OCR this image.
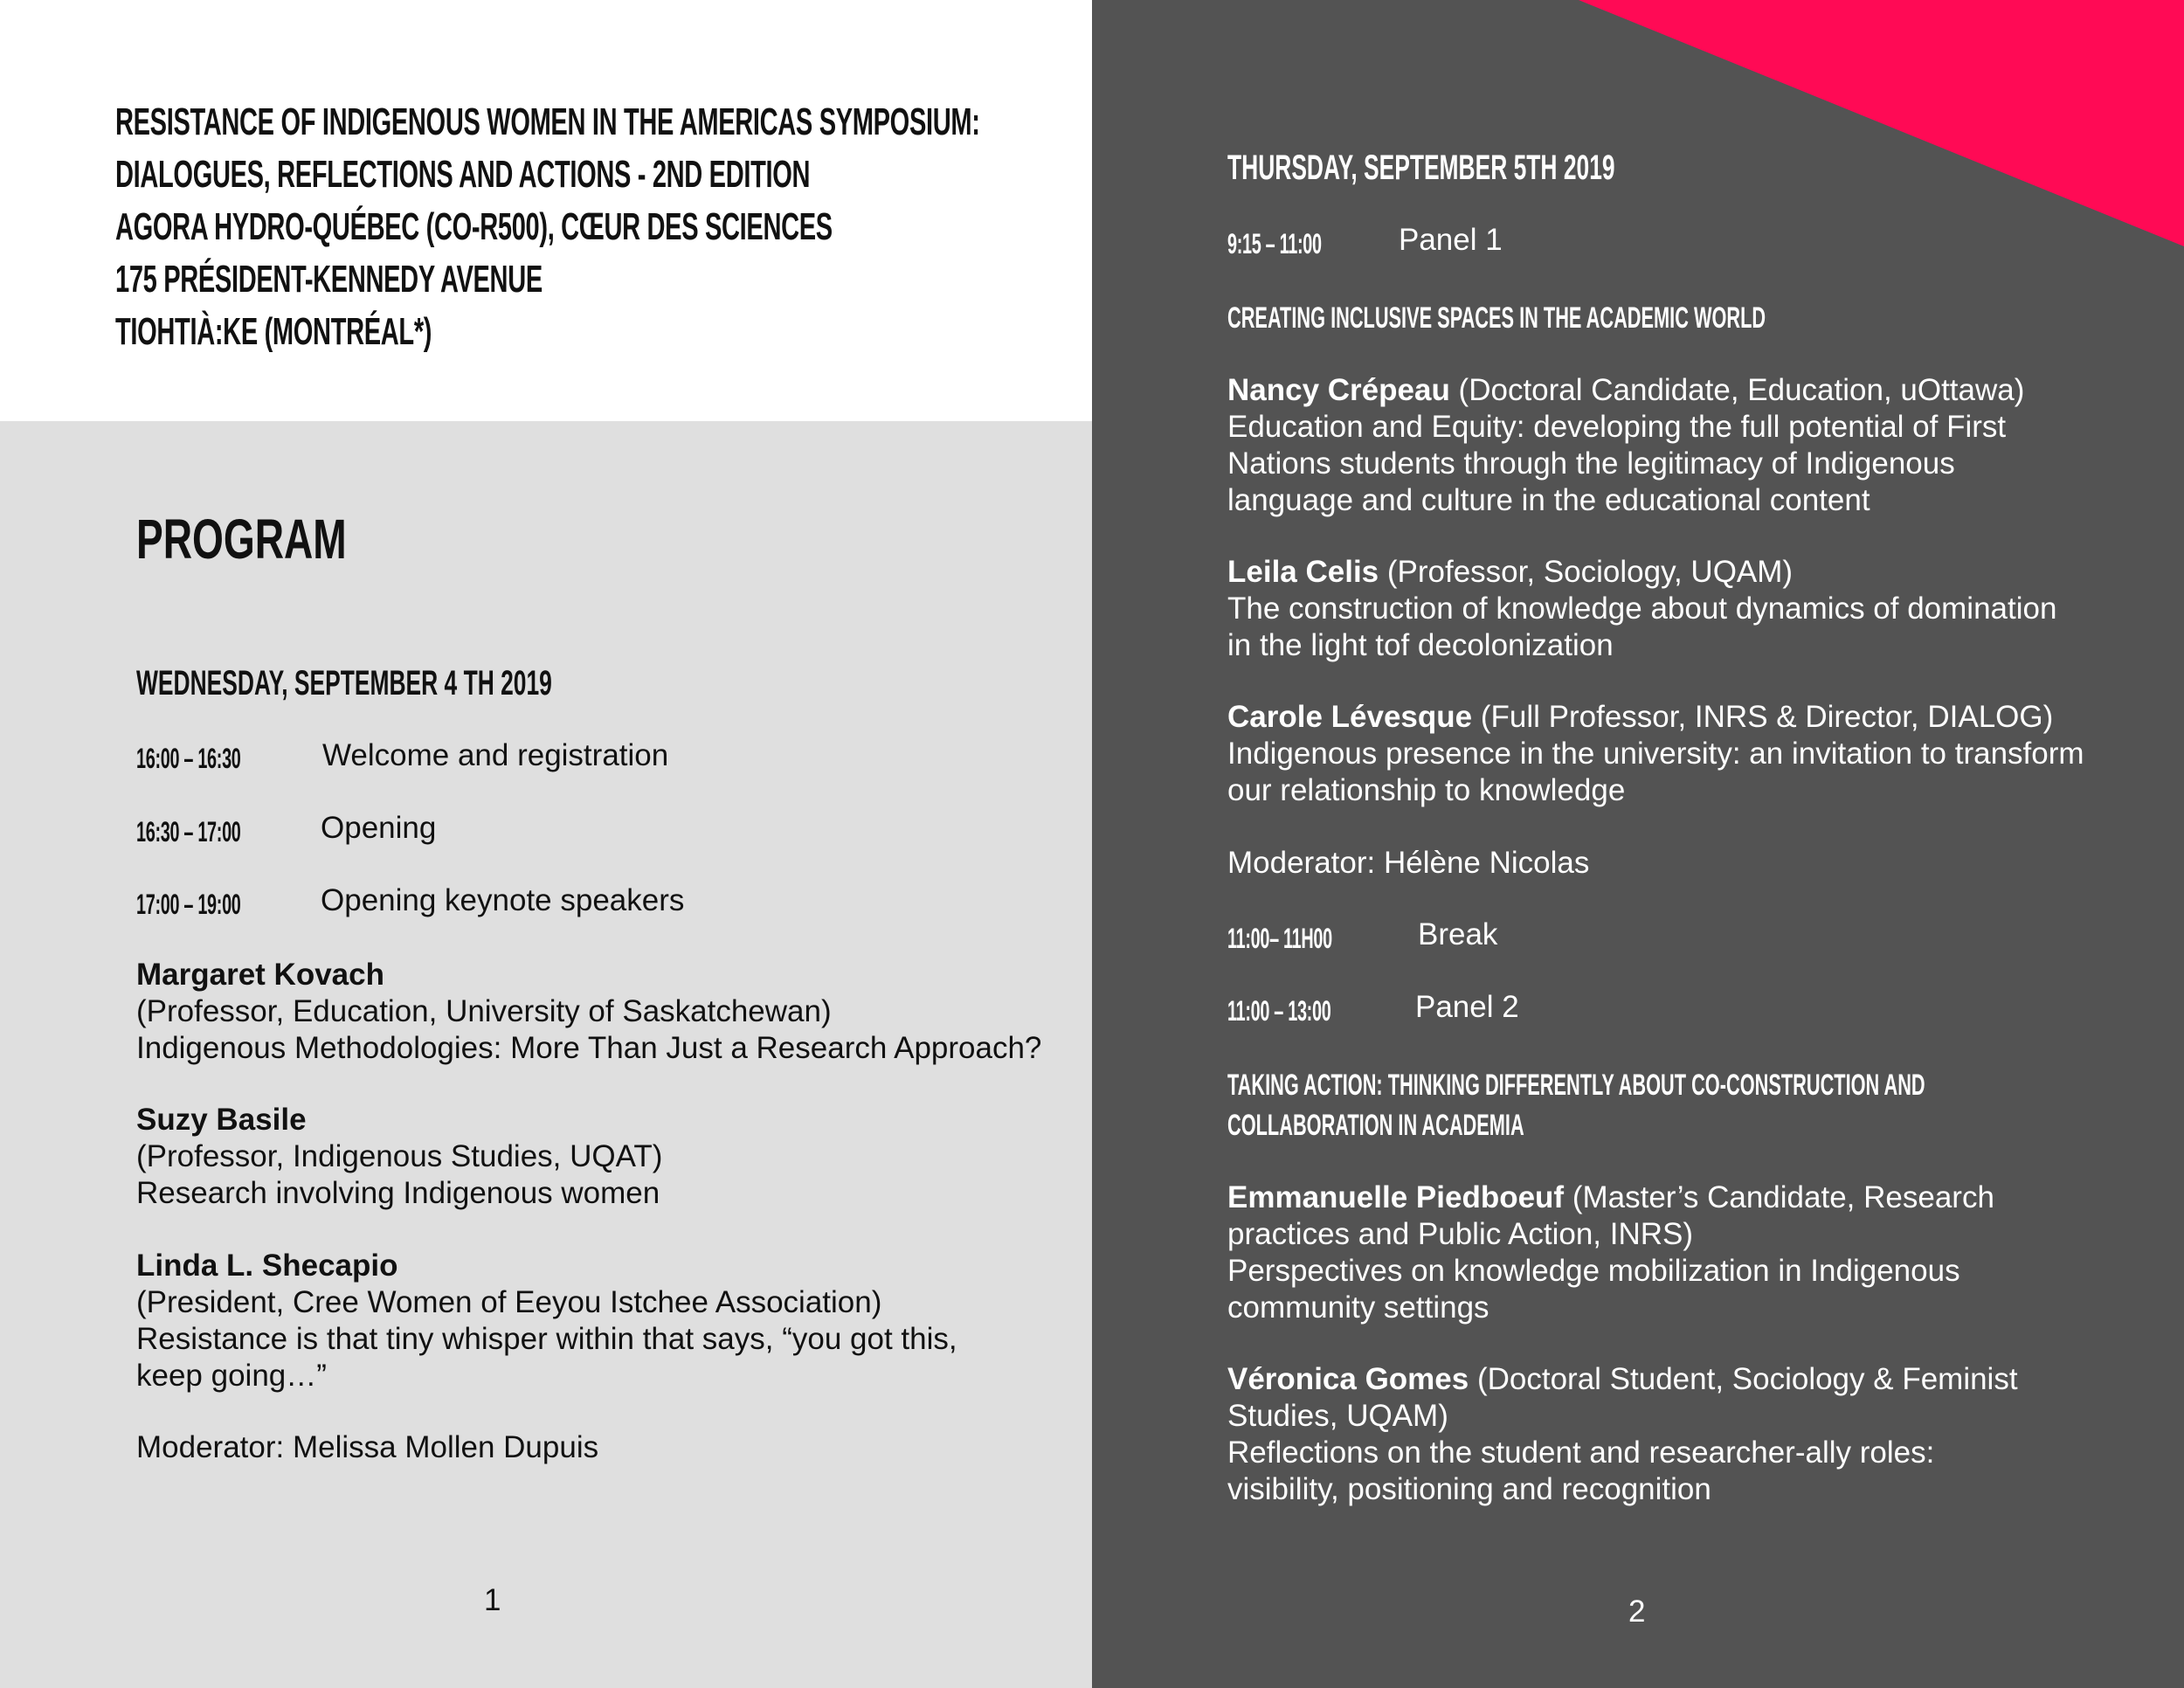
RESISTANCE OF INDIGENOUS WOMEN IN THE AMERICAS SYMPOSIUM:
DIALOGUES, REFLECTIONS AND ACTIONS - 2ND EDITION
AGORA HYDRO-QUÉBEC (CO-R500), CŒUR DES SCIENCES
175 PRÉSIDENT-KENNEDY AVENUE
TIOHTIÀ:KE (MONTRÉAL*)
PROGRAM
WEDNESDAY, SEPTEMBER 4 TH 2019
16:00 – 16:30	Welcome and registration
16:30 – 17:00	Opening
17:00 – 19:00	Opening keynote speakers
Margaret Kovach
(Professor, Education, University of Saskatchewan)
Indigenous Methodologies: More Than Just a Research Approach?
Suzy Basile
(Professor, Indigenous Studies, UQAT)
Research involving Indigenous women
Linda L. Shecapio
(President, Cree Women of Eeyou Istchee Association)
Resistance is that tiny whisper within that says, “you got this,
keep going…”
Moderator: Melissa Mollen Dupuis
1
THURSDAY, SEPTEMBER 5TH 2019
9:15 – 11:00	Panel 1
CREATING INCLUSIVE SPACES IN THE ACADEMIC WORLD
Nancy Crépeau (Doctoral Candidate, Education, uOttawa)
Education and Equity: developing the full potential of First
Nations students through the legitimacy of Indigenous
language and culture in the educational content
Leila Celis (Professor, Sociology, UQAM)
The construction of knowledge about dynamics of domination
in the light tof decolonization
Carole Lévesque (Full Professor, INRS & Director, DIALOG)
Indigenous presence in the university: an invitation to transform
our relationship to knowledge
Moderator: Hélène Nicolas
11:00– 11H00	Break
11:00 – 13:00	Panel 2
TAKING ACTION: THINKING DIFFERENTLY ABOUT CO-CONSTRUCTION AND
COLLABORATION IN ACADEMIA
Emmanuelle Piedboeuf (Master’s Candidate, Research
practices and Public Action, INRS)
Perspectives on knowledge mobilization in Indigenous
community settings
Véronica Gomes (Doctoral Student, Sociology & Feminist
Studies, UQAM)
Reflections on the student and researcher-ally roles:
visibility, positioning and recognition
2
